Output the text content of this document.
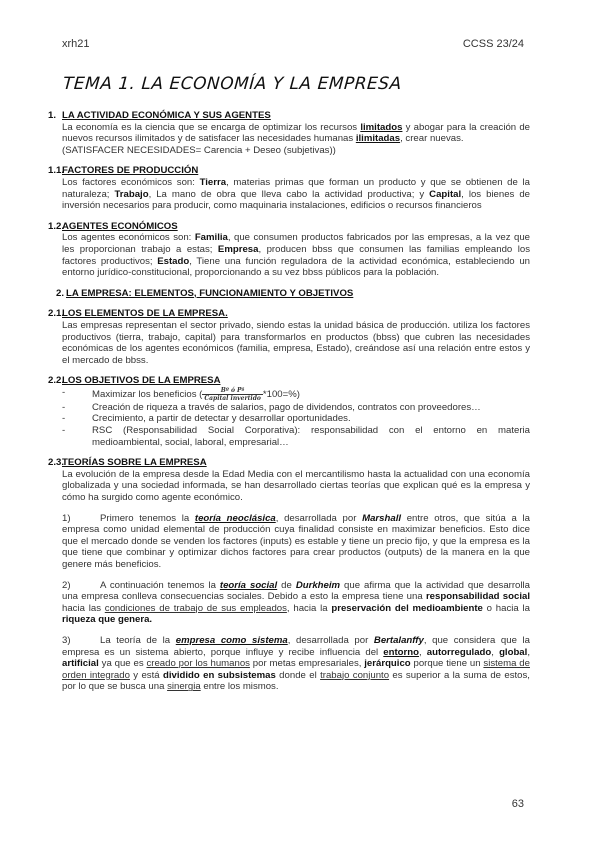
xrh21	CCSS 23/24
TEMA 1. LA ECONOMÍA Y LA EMPRESA

1. LA ACTIVIDAD ECONÓMICA Y SUS AGENTES

La economía es la ciencia que se encarga de optimizar los recursos limitados y abogar para la creación de nuevos recursos ilimitados y de satisfacer las necesidades humanas ilimitadas, crear nuevas.

(SATISFACER NECESIDADES= Carencia + Deseo (subjetivas))

1.1.FACTORES DE PRODUCCIÓN

Los factores económicos son: Tierra, materias primas que forman un producto y que se obtienen de la naturaleza; Trabajo, La mano de obra que lleva cabo la actividad productiva; y Capital, los bienes de inversión necesarios para producir, como maquinaria instalaciones, edificios o recursos financieros

1.2.AGENTES ECONÓMICOS

Los agentes económicos son: Familia, que consumen productos fabricados por las empresas, a la vez que les proporcionan trabajo a estas; Empresa, producen bbss que consumen las familias empleando los factores productivos; Estado, Tiene una función reguladora de la actividad económica, estableciendo un entorno jurídico-constitucional, proporcionando a su vez bbss públicos para la población.

2. LA EMPRESA: ELEMENTOS, FUNCIONAMIENTO Y OBJETIVOS

2.1.LOS ELEMENTOS DE LA EMPRESA.

Las empresas representan el sector privado, siendo estas la unidad básica de producción. utiliza los factores productivos (tierra, trabajo, capital) para transformarlos en productos (bbss) que cubren las necesidades económicas de los agentes económicos (familia, empresa, Estado), creándose así una relación entre estos y el mercado de bbss.

2.2.LOS OBJETIVOS DE LA EMPRESA

- Maximizar los beneficios ( $\frac{\text{Bº ó Pª}}{\text{Capital invertido}} *100=\%$)
- Creación de riqueza a través de salarios, pago de dividendos, contratos con proveedores…
- Crecimiento, a partir de detectar y desarrollar oportunidades.
- RSC (Responsabilidad Social Corporativa): responsabilidad con el entorno en materia medioambiental, social, laboral, empresarial…

2.3.TEORÍAS SOBRE LA EMPRESA

La evolución de la empresa desde la Edad Media con el mercantilismo hasta la actualidad con una economía globalizada y una sociedad informada, se han desarrollado ciertas teorías que explican qué es la empresa y cómo ha surgido como agente económico.

1)	Primero tenemos la teoría neoclásica, desarrollada por Marshall entre otros, que sitúa a la empresa como unidad elemental de producción cuya finalidad consiste en maximizar beneficios. Esto dice que el mercado donde se venden los factores (inputs) es estable y tiene un precio fijo, y que la empresa es la que tiene que combinar y optimizar dichos factores para crear productos (outputs) de la manera en la que genere más beneficios.

2)	A continuación tenemos la teoría social de Durkheim que afirma que la actividad que desarrolla una empresa conlleva consecuencias sociales. Debido a esto la empresa tiene una responsabilidad social hacia las condiciones de trabajo de sus empleados, hacia la preservación del medioambiente o hacia la riqueza que genera.

3)	La teoría de la empresa como sistema, desarrollada por Bertalanffy, que considera que la empresa es un sistema abierto, porque influye y recibe influencia del entorno, autorregulado, global, artificial ya que es creado por los humanos por metas empresariales, jerárquico porque tiene un sistema de orden integrado y está dividido en subsistemas donde el trabajo conjunto es superior a la suma de estos, por lo que se busca una sinergia entre los mismos.

63
